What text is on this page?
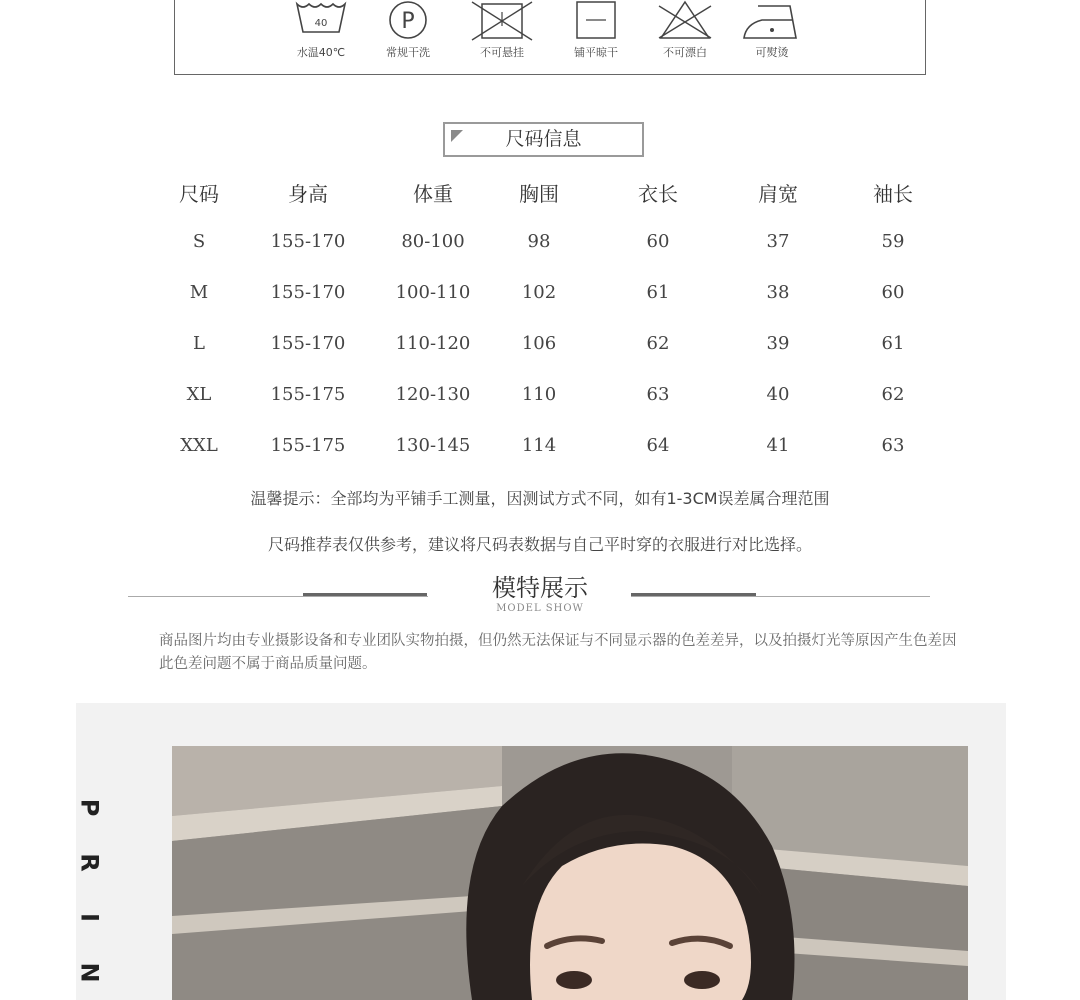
40
水温40℃
P
常规干洗	不可悬挂	铺平晾干	不可漂白	可熨烫
尺码信息
尺码	身高	体重	胸围	衣长	肩宽	袖长
S	155-170	80-100	98	60	37	59
M	155-170	100-110	102	61	38	60
L	155-170	110-120	106	62	39	61
XL	155-175	120-130	110	63	40	62
XXL	155-175	130-145	114	64	41	63
温馨提示：全部均为平铺手工测量，因测试方式不同，如有1-3CM误差属合理范围
尺码推荐表仅供参考，建议将尺码表数据与自己平时穿的衣服进行对比选择。
模特展示
MODEL SHOW
商品图片均由专业摄影设备和专业团队实物拍摄，但仍然无法保证与不同显示器的色差差异，以及拍摄灯光等原因产生色差因此色差问题不属于商品质量问题。
P
R
I
N
